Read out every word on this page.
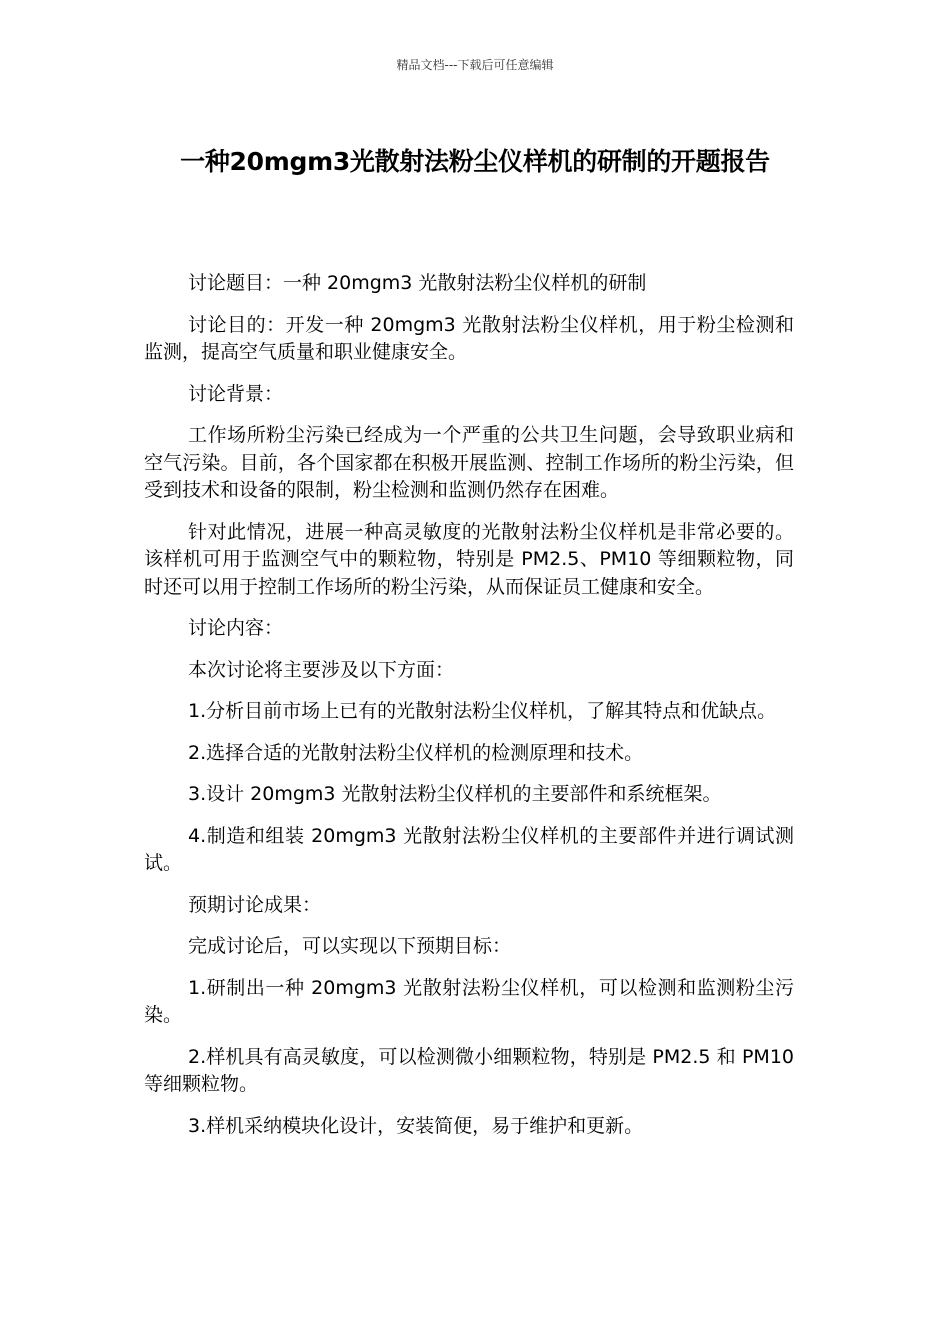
精品文档---下载后可任意编辑
一种20mgm3光散射法粉尘仪样机的研制的开题报告

讨论题目：一种 20mgm3 光散射法粉尘仪样机的研制

讨论目的：开发一种 20mgm3 光散射法粉尘仪样机，用于粉尘检测和监测，提高空气质量和职业健康安全。

讨论背景：

工作场所粉尘污染已经成为一个严重的公共卫生问题，会导致职业病和空气污染。目前，各个国家都在积极开展监测、控制工作场所的粉尘污染，但受到技术和设备的限制，粉尘检测和监测仍然存在困难。

针对此情况，进展一种高灵敏度的光散射法粉尘仪样机是非常必要的。该样机可用于监测空气中的颗粒物，特别是 PM2.5、PM10 等细颗粒物，同时还可以用于控制工作场所的粉尘污染，从而保证员工健康和安全。

讨论内容：

本次讨论将主要涉及以下方面：

1.分析目前市场上已有的光散射法粉尘仪样机，了解其特点和优缺点。

2.选择合适的光散射法粉尘仪样机的检测原理和技术。

3.设计 20mgm3 光散射法粉尘仪样机的主要部件和系统框架。

4.制造和组装 20mgm3 光散射法粉尘仪样机的主要部件并进行调试测试。

预期讨论成果：

完成讨论后，可以实现以下预期目标：

1.研制出一种 20mgm3 光散射法粉尘仪样机，可以检测和监测粉尘污染。

2.样机具有高灵敏度，可以检测微小细颗粒物，特别是 PM2.5 和 PM10 等细颗粒物。

3.样机采纳模块化设计，安装简便，易于维护和更新。
